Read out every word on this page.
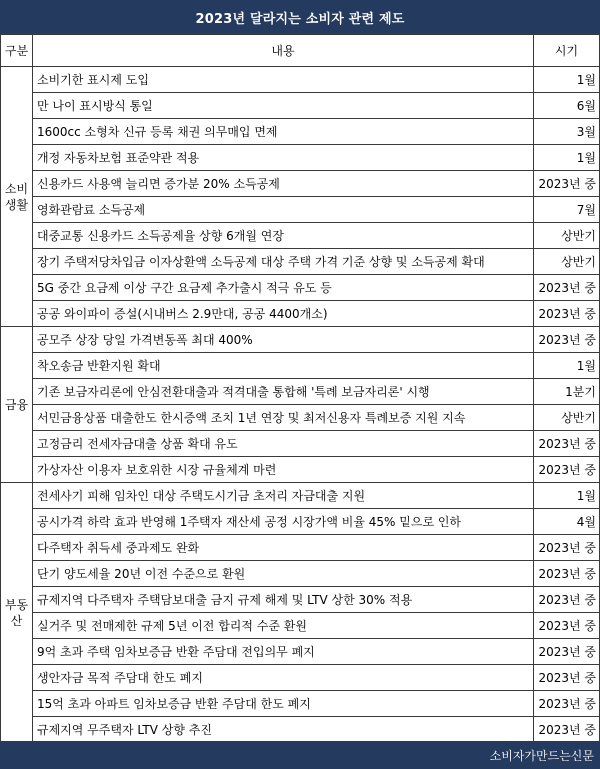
2023년 달라지는 소비자 관련 제도
구분	내용	시기
소비
생활	소비기한 표시제 도입	1월
	만 나이 표시방식 통일	6월
	1600cc 소형차 신규 등록 채권 의무매입 면제	3월
	개정 자동차보험 표준약관 적용	1월
	신용카드 사용액 늘리면 증가분 20% 소득공제	2023년 중
	영화관람료 소득공제	7월
	대중교통 신용카드 소득공제율 상향 6개월 연장	상반기
	장기 주택저당차입금 이자상환액 소득공제 대상 주택 가격 기준 상향 및 소득공제 확대	상반기
	5G 중간 요금제 이상 구간 요금제 추가출시 적극 유도 등	2023년 중
	공공 와이파이 증설(시내버스 2.9만대, 공공 4400개소)	2023년 중
금융	공모주 상장 당일 가격변동폭 최대 400%	2023년 중
	착오송금 반환지원 확대	1월
	기존 보금자리론에 안심전환대출과 적격대출 통합해 '특례 보금자리론' 시행	1분기
	서민금융상품 대출한도 한시증액 조치 1년 연장 및 최저신용자 특례보증 지원 지속	상반기
	고정금리 전세자금대출 상품 확대 유도	2023년 중
	가상자산 이용자 보호위한 시장 규율체계 마련	2023년 중
부동
산	전세사기 피해 임차인 대상 주택도시기금 초저리 자금대출 지원	1월
	공시가격 하락 효과 반영해 1주택자 재산세 공정 시장가액 비율 45% 밑으로 인하	4월
	다주택자 취득세 중과제도 완화	2023년 중
	단기 양도세율 20년 이전 수준으로 환원	2023년 중
	규제지역 다주택자 주택담보대출 금지 규제 해제 및 LTV 상한 30% 적용	2023년 중
	실거주 및 전매제한 규제 5년 이전 합리적 수준 환원	2023년 중
	9억 초과 주택 임차보증금 반환 주담대 전입의무 폐지	2023년 중
	생안자금 목적 주담대 한도 폐지	2023년 중
	15억 초과 아파트 임차보증금 반환 주담대 한도 폐지	2023년 중
	규제지역 무주택자 LTV 상향 추진	2023년 중
소비자가만드는신문
